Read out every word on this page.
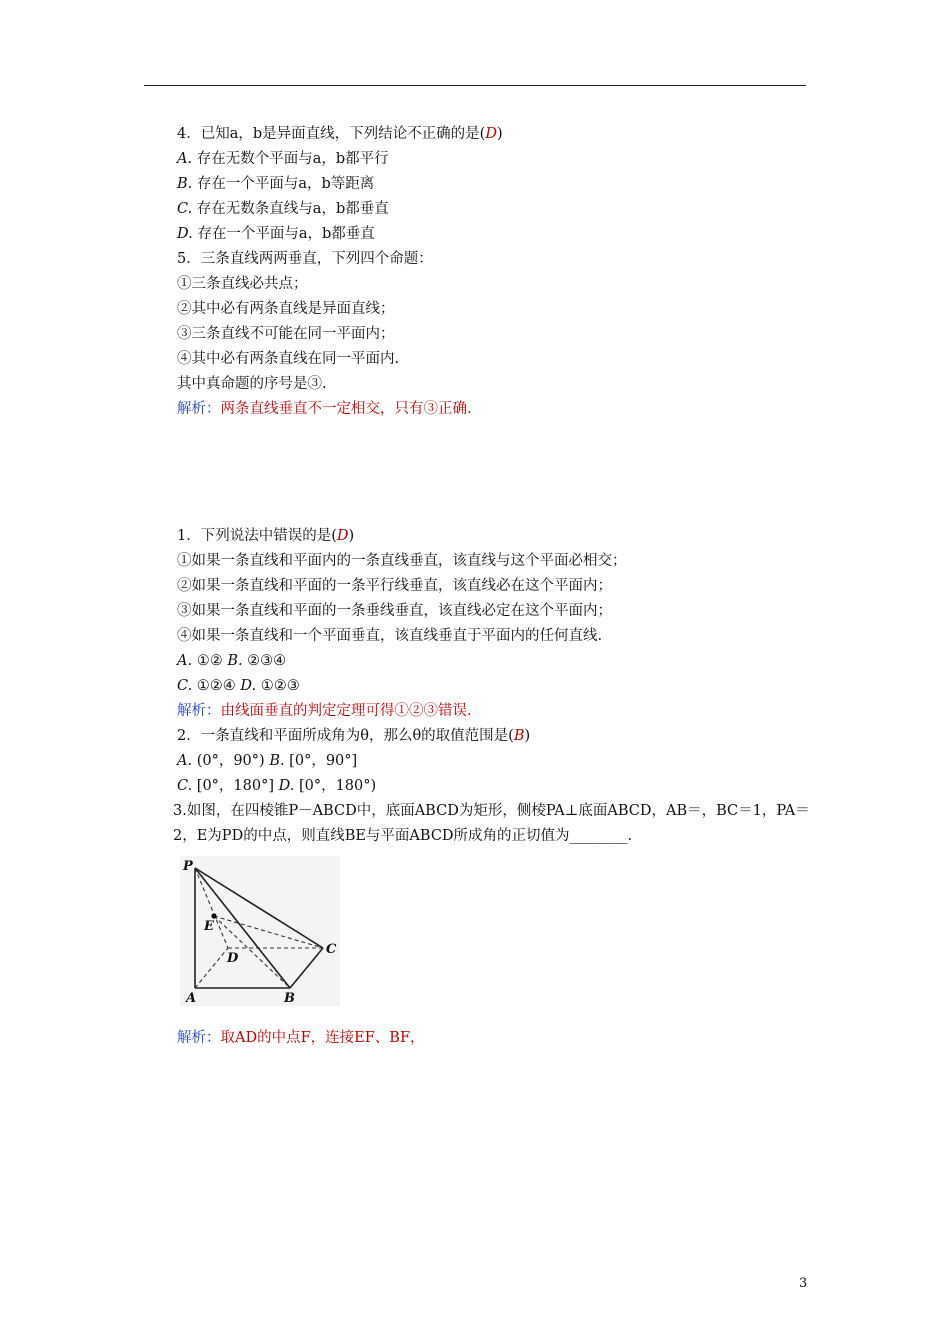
4．已知a，b是异面直线，下列结论不正确的是(D)
A. 存在无数个平面与a，b都平行
B. 存在一个平面与a，b等距离
C. 存在无数条直线与a，b都垂直
D. 存在一个平面与a，b都垂直
5．三条直线两两垂直，下列四个命题：
①三条直线必共点；
②其中必有两条直线是异面直线；
③三条直线不可能在同一平面内；
④其中必有两条直线在同一平面内.
其中真命题的序号是③.
解析：两条直线垂直不一定相交，只有③正确.
1．下列说法中错误的是(D)
①如果一条直线和平面内的一条直线垂直，该直线与这个平面必相交；
②如果一条直线和平面的一条平行线垂直，该直线必在这个平面内；
③如果一条直线和平面的一条垂线垂直，该直线必定在这个平面内；
④如果一条直线和一个平面垂直，该直线垂直于平面内的任何直线.
A. ①② B. ②③④
C. ①②④ D. ①②③
解析：由线面垂直的判定定理可得①②③错误.
2．一条直线和平面所成角为θ，那么θ的取值范围是(B)
A. (0°，90°) B. [0°，90°]
C. [0°，180°] D. [0°，180°)
3.如图，在四棱锥P－ABCD中，底面ABCD为矩形，侧棱PA⊥底面ABCD，AB＝，BC＝1，PA＝2，E为PD的中点，则直线BE与平面ABCD所成角的正切值为________.
P
E
D
C
A	B
解析：取AD的中点F，连接EF、BF，
3
